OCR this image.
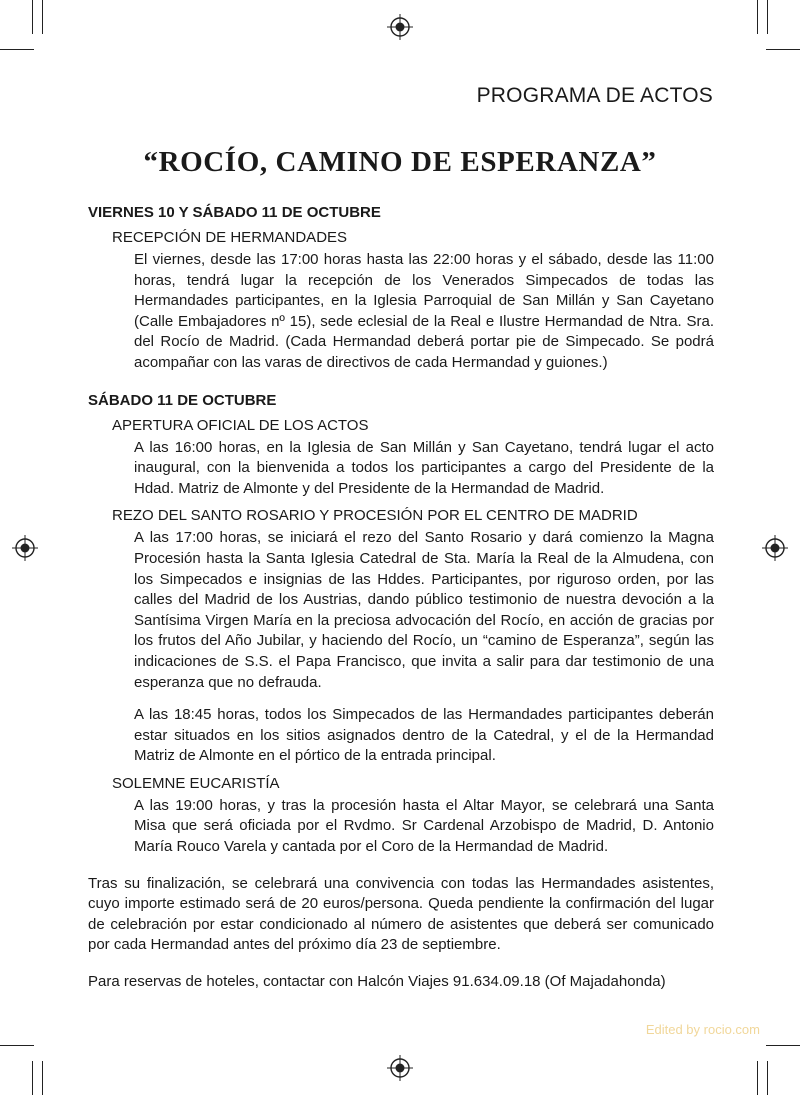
PROGRAMA DE ACTOS
“ROCÍO, CAMINO DE ESPERANZA”

VIERNES 10 Y SÁBADO 11 DE OCTUBRE

RECEPCIÓN DE HERMANDADES

El viernes, desde las 17:00 horas hasta las 22:00 horas y el sábado, desde las 11:00 horas, tendrá lugar la recepción de los Venerados Simpecados de todas las Hermandades participantes, en la Iglesia Parroquial de San Millán y San Cayetano (Calle Embajadores nº 15), sede eclesial de la Real e Ilustre Hermandad de Ntra. Sra. del Rocío de Madrid. (Cada Hermandad deberá portar pie de Simpecado. Se podrá acompañar con las varas de directivos de cada Hermandad y guiones.)

SÁBADO 11 DE OCTUBRE

APERTURA OFICIAL DE LOS ACTOS

A las 16:00 horas, en la Iglesia de San Millán y San Cayetano, tendrá lugar el acto inaugural, con la bienvenida a todos los participantes a cargo del Presidente de la Hdad. Matriz de Almonte y del Presidente de la Hermandad de Madrid.

REZO DEL SANTO ROSARIO Y PROCESIÓN POR EL CENTRO DE MADRID

A las 17:00 horas, se iniciará el rezo del Santo Rosario y dará comienzo la Magna Procesión hasta la Santa Iglesia Catedral de Sta. María la Real de la Almudena, con los Simpecados e insignias de las Hddes. Participantes, por riguroso orden, por las calles del Madrid de los Austrias, dando público testimonio de nuestra devoción a la Santísima Virgen María en la preciosa advocación del Rocío, en acción de gracias por los frutos del Año Jubilar, y haciendo del Rocío, un “camino de Esperanza”, según las indicaciones de S.S. el Papa Francisco, que invita a salir para dar testimonio de una esperanza que no defrauda.

A las 18:45 horas, todos los Simpecados de las Hermandades participantes deberán estar situados en los sitios asignados dentro de la Catedral, y el de la Hermandad Matriz de Almonte en el pórtico de la entrada principal.

SOLEMNE EUCARISTÍA

A las 19:00 horas, y tras la procesión hasta el Altar Mayor, se celebrará una Santa Misa que será oficiada por el Rvdmo. Sr Cardenal Arzobispo de Madrid, D. Antonio María Rouco Varela y cantada por el Coro de la Hermandad de Madrid.

Tras su finalización, se celebrará una convivencia con todas las Hermandades asistentes, cuyo importe estimado será de 20 euros/persona. Queda pendiente la confirmación del lugar de celebración por estar condicionado al número de asistentes que deberá ser comunicado por cada Hermandad antes del próximo día 23 de septiembre.

Para reservas de hoteles, contactar con Halcón Viajes 91.634.09.18 (Of Majadahonda)

Edited by rocio.com
